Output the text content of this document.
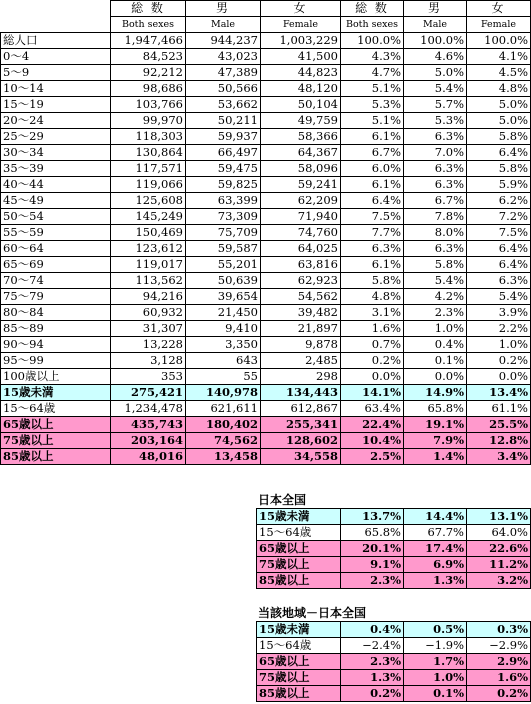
	総 数	男	女	総 数	男	女
	Both sexes	Male	Female	Both sexes	Male	Female
総人口	1,947,466	944,237	1,003,229	100.0%	100.0%	100.0%
0～4	84,523	43,023	41,500	4.3%	4.6%	4.1%
5～9	92,212	47,389	44,823	4.7%	5.0%	4.5%
10～14	98,686	50,566	48,120	5.1%	5.4%	4.8%
15～19	103,766	53,662	50,104	5.3%	5.7%	5.0%
20～24	99,970	50,211	49,759	5.1%	5.3%	5.0%
25～29	118,303	59,937	58,366	6.1%	6.3%	5.8%
30～34	130,864	66,497	64,367	6.7%	7.0%	6.4%
35～39	117,571	59,475	58,096	6.0%	6.3%	5.8%
40～44	119,066	59,825	59,241	6.1%	6.3%	5.9%
45～49	125,608	63,399	62,209	6.4%	6.7%	6.2%
50～54	145,249	73,309	71,940	7.5%	7.8%	7.2%
55～59	150,469	75,709	74,760	7.7%	8.0%	7.5%
60～64	123,612	59,587	64,025	6.3%	6.3%	6.4%
65～69	119,017	55,201	63,816	6.1%	5.8%	6.4%
70～74	113,562	50,639	62,923	5.8%	5.4%	6.3%
75～79	94,216	39,654	54,562	4.8%	4.2%	5.4%
80～84	60,932	21,450	39,482	3.1%	2.3%	3.9%
85～89	31,307	9,410	21,897	1.6%	1.0%	2.2%
90～94	13,228	3,350	9,878	0.7%	0.4%	1.0%
95～99	3,128	643	2,485	0.2%	0.1%	0.2%
100歳以上	353	55	298	0.0%	0.0%	0.0%
15歳未満	275,421	140,978	134,443	14.1%	14.9%	13.4%
15～64歳	1,234,478	621,611	612,867	63.4%	65.8%	61.1%
65歳以上	435,743	180,402	255,341	22.4%	19.1%	25.5%
75歳以上	203,164	74,562	128,602	10.4%	7.9%	12.8%
85歳以上	48,016	13,458	34,558	2.5%	1.4%	3.4%
日本全国
15歳未満	13.7%	14.4%	13.1%
15～64歳	65.8%	67.7%	64.0%
65歳以上	20.1%	17.4%	22.6%
75歳以上	9.1%	6.9%	11.2%
85歳以上	2.3%	1.3%	3.2%
当該地域－日本全国
15歳未満	0.4%	0.5%	0.3%
15～64歳	−2.4%	−1.9%	−2.9%
65歳以上	2.3%	1.7%	2.9%
75歳以上	1.3%	1.0%	1.6%
85歳以上	0.2%	0.1%	0.2%
